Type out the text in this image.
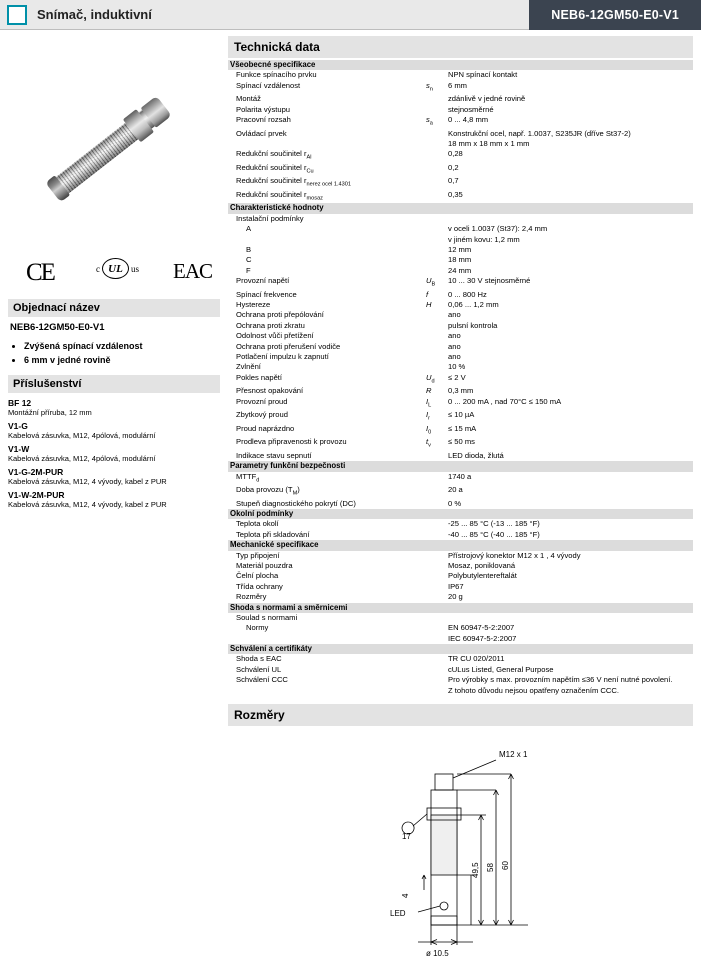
Snímač, induktivní	NEB6-12GM50-E0-V1
CE	c UL us EAC
Objednací název
NEB6-12GM50-E0-V1
• Zvýšená spínací vzdálenost
• 6 mm v jedné rovině
Příslušenství
BF 12
Montážní příruba, 12 mm
V1-G
Kabelová zásuvka, M12, 4pólová, modulární
V1-W
Kabelová zásuvka, M12, 4pólová, modulární
V1-G-2M-PUR
Kabelová zásuvka, M12, 4 vývody, kabel z PUR
V1-W-2M-PUR
Kabelová zásuvka, M12, 4 vývody, kabel z PUR
Technická data
Všeobecné specifikace		
Funkce spínacího prvku		NPN spínací kontakt
Spínací vzdálenost	$s_n$	6 mm
Montáž		zdánlivě v jedné rovině
Polarita výstupu		stejnosměrné
Pracovní rozsah	$s_a$	0 ... 4,8 mm
Ovládací prvek		Konstrukční ocel, např. 1.0037, S235JR (dříve St37-2)
		18 mm x 18 mm x 1 mm
Redukční součinitel $r_{Al}$		0,28
Redukční součinitel $r_{Cu}$		0,2
Redukční součinitel $r_{nerez ocel 1.4301}$		0,7
Redukční součinitel $r_{mosaz}$		0,35
Charakteristické hodnoty		
Instalační podmínky		
A		v oceli 1.0037 (St37): 2,4 mm
		v jiném kovu: 1,2 mm
B		12 mm
C		18 mm
F		24 mm
Provozní napětí	$U_B$	10 ... 30 V stejnosměrné
Spínací frekvence	f	0 ... 800 Hz
Hystereze	H	0,06 ... 1,2 mm
Ochrana proti přepólování		ano
Ochrana proti zkratu		pulsní kontrola
Odolnost vůči přetížení		ano
Ochrana proti přerušení vodiče		ano
Potlačení impulzu k zapnutí		ano
Zvlnění		10 %
Pokles napětí	$U_d$	≤ 2 V
Přesnost opakování	R	0,3 mm
Provozní proud	$I_L$	0 ... 200 mA , nad 70°C ≤ 150 mA
Zbytkový proud	$I_r$	≤ 10 µA
Proud naprázdno	$I_0$	≤ 15 mA
Prodleva připravenosti k provozu	$t_v$	≤ 50 ms
Indikace stavu sepnutí		LED dioda, žlutá
Parametry funkční bezpečnosti		
$MTTF_d$		1740 a
Doba provozu $(T_M)$		20 a
Stupeň diagnostického pokrytí (DC)		0 %
Okolní podmínky		
Teplota okolí		-25 ... 85 °C (-13 ... 185 °F)
Teplota při skladování		-40 ... 85 °C (-40 ... 185 °F)
Mechanické specifikace		
Typ připojení		Přístrojový konektor M12 x 1 , 4 vývody
Materiál pouzdra		Mosaz, poniklovaná
Čelní plocha		Polybutylentereftalát
Třída ochrany		IP67
Rozměry		20 g
Shoda s normami a směrnicemi		
Soulad s normami		
Normy		EN 60947-5-2:2007
		IEC 60947-5-2:2007
Schválení a certifikáty		
Shoda s EAC		TR CU 020/2011
Schválení UL		cULus Listed, General Purpose
Schválení CCC		Pro výrobky s max. provozním napětím ≤36 V není nutné povolení.
		Z tohoto důvodu nejsou opatřeny označením CCC.
Rozměry
M12 x 1
4
49,5 58 60
17
LED
ø 10.5
